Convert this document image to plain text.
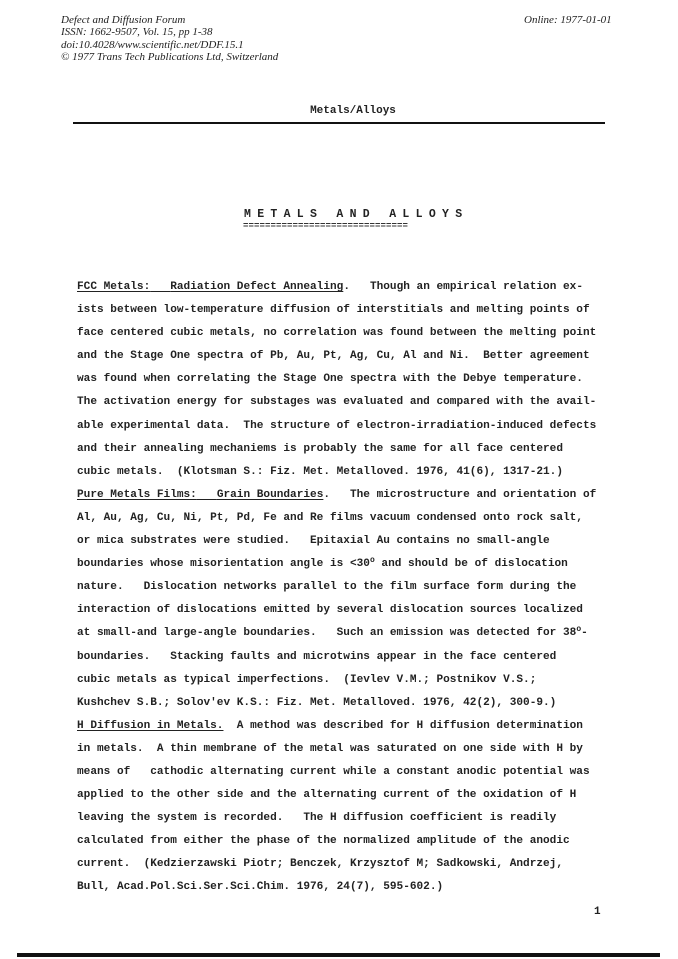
Defect and Diffusion Forum
ISSN: 1662-9507, Vol. 15, pp 1-38
doi:10.4028/www.scientific.net/DDF.15.1
© 1977 Trans Tech Publications Ltd, Switzerland
Online: 1977-01-01
Metals/Alloys
METALS AND ALLOYS
==============================
FCC Metals: Radiation Defect Annealing.   Though an empirical relation ex-
ists between low-temperature diffusion of interstitials and melting points of
face centered cubic metals, no correlation was found between the melting point
and the Stage One spectra of Pb, Au, Pt, Ag, Cu, Al and Ni.  Better agreement
was found when correlating the Stage One spectra with the Debye temperature.
The activation energy for substages was evaluated and compared with the avail-
able experimental data.  The structure of electron-irradiation-induced defects
and their annealing mechaniems is probably the same for all face centered
cubic metals.  (Klotsman S.: Fiz. Met. Metalloved. 1976, 41(6), 1317-21.)
Pure Metals Films: Grain Boundaries.   The microstructure and orientation of
Al, Au, Ag, Cu, Ni, Pt, Pd, Fe and Re films vacuum condensed onto rock salt,
or mica substrates were studied.   Epitaxial Au contains no small-angle
boundaries whose misorientation angle is $<30^o$ and should be of dislocation
nature.   Dislocation networks parallel to the film surface form during the
interaction of dislocations emitted by several dislocation sources localized
at small-and large-angle boundaries.   Such an emission was detected for 38$^o$-
boundaries.   Stacking faults and microtwins appear in the face centered
cubic metals as typical imperfections.  (Ievlev V.M.; Postnikov V.S.;
Kushchev S.B.; Solov'ev K.S.: Fiz. Met. Metalloved. 1976, 42(2), 300-9.)
H Diffusion in Metals.  A method was described for H diffusion determination
in metals.  A thin membrane of the metal was saturated on one side with H by
means of   cathodic alternating current while a constant anodic potential was
applied to the other side and the alternating current of the oxidation of H
leaving the system is recorded.   The H diffusion coefficient is readily
calculated from either the phase of the normalized amplitude of the anodic
current.  (Kedzierzawski Piotr; Benczek, Krzysztof M; Sadkowski, Andrzej,
Bull, Acad.Pol.Sci.Ser.Sci.Chim. 1976, 24(7), 595-602.)
1
